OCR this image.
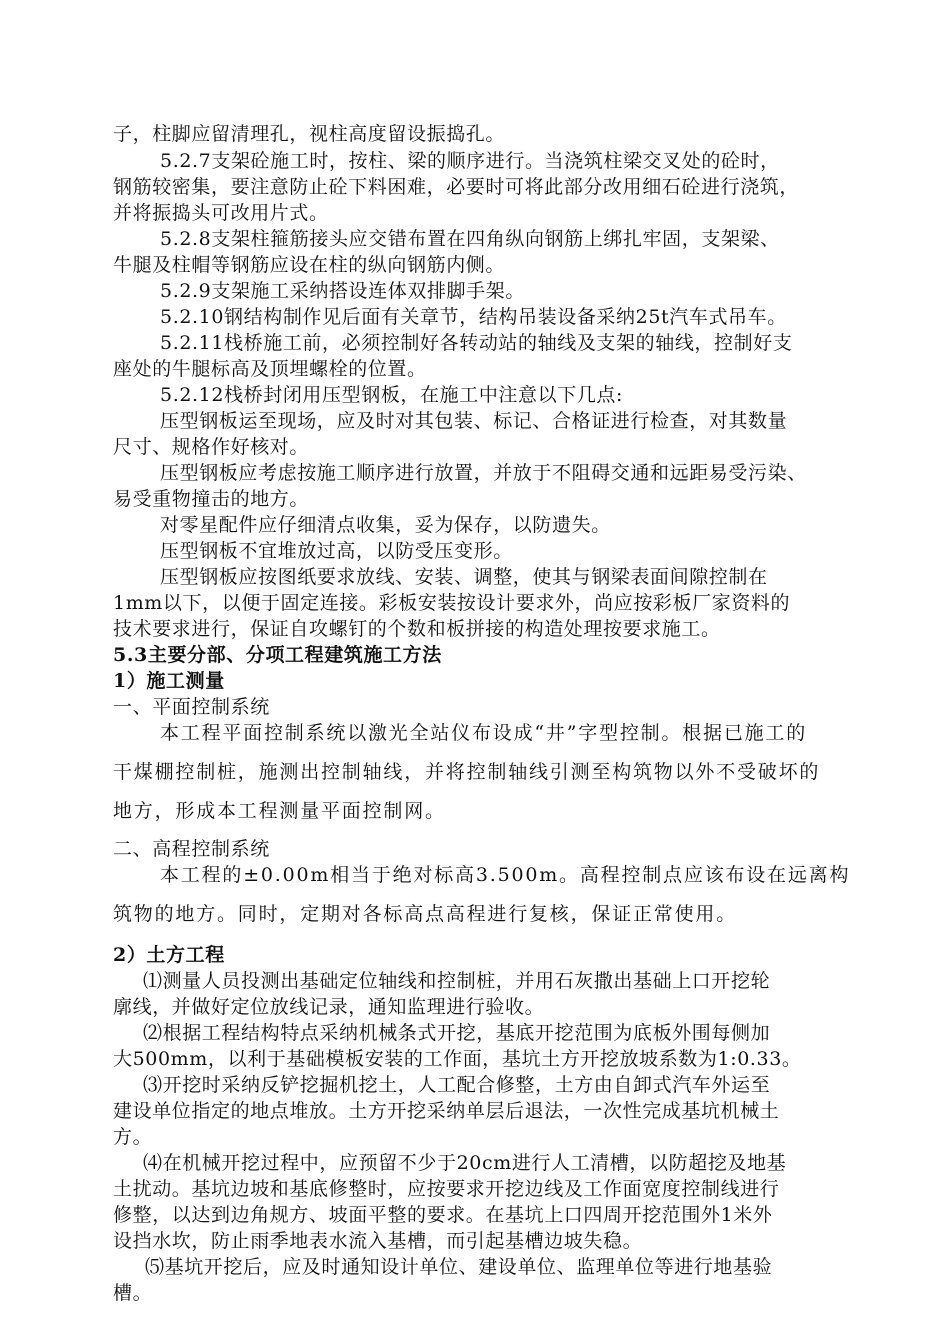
子，柱脚应留清理孔，视柱高度留设振捣孔。
5.2.7支架砼施工时，按柱、梁的顺序进行。当浇筑柱梁交叉处的砼时，
钢筋较密集，要注意防止砼下料困难，必要时可将此部分改用细石砼进行浇筑，
并将振捣头可改用片式。
5.2.8支架柱箍筋接头应交错布置在四角纵向钢筋上绑扎牢固，支架梁、
牛腿及柱帽等钢筋应设在柱的纵向钢筋内侧。
5.2.9支架施工采纳搭设连体双排脚手架。
5.2.10钢结构制作见后面有关章节，结构吊装设备采纳25t汽车式吊车。
5.2.11栈桥施工前，必须控制好各转动站的轴线及支架的轴线，控制好支
座处的牛腿标高及顶埋螺栓的位置。
5.2.12栈桥封闭用压型钢板，在施工中注意以下几点:
压型钢板运至现场，应及时对其包装、标记、合格证进行检查，对其数量
尺寸、规格作好核对。
压型钢板应考虑按施工顺序进行放置，并放于不阻碍交通和远距易受污染、
易受重物撞击的地方。
对零星配件应仔细清点收集，妥为保存，以防遗失。
压型钢板不宜堆放过高，以防受压变形。
压型钢板应按图纸要求放线、安装、调整，使其与钢梁表面间隙控制在
1mm以下，以便于固定连接。彩板安装按设计要求外，尚应按彩板厂家资料的
技术要求进行，保证自攻螺钉的个数和板拼接的构造处理按要求施工。
5.3主要分部、分项工程建筑施工方法
1）施工测量
一、平面控制系统
本工程平面控制系统以激光全站仪布设成“井”字型控制。根据已施工的
干煤棚控制桩，施测出控制轴线，并将控制轴线引测至构筑物以外不受破坏的
地方，形成本工程测量平面控制网。
二、高程控制系统
本工程的±0.00m相当于绝对标高3.500m。高程控制点应该布设在远离构
筑物的地方。同时，定期对各标高点高程进行复核，保证正常使用。
2）土方工程
⑴测量人员投测出基础定位轴线和控制桩，并用石灰撒出基础上口开挖轮
廓线，并做好定位放线记录，通知监理进行验收。
⑵根据工程结构特点采纳机械条式开挖，基底开挖范围为底板外围每侧加
大500mm，以利于基础模板安装的工作面，基坑土方开挖放坡系数为1:0.33。
⑶开挖时采纳反铲挖掘机挖土，人工配合修整，土方由自卸式汽车外运至
建设单位指定的地点堆放。土方开挖采纳单层后退法，一次性完成基坑机械土
方。
⑷在机械开挖过程中，应预留不少于20cm进行人工清槽，以防超挖及地基
土扰动。基坑边坡和基底修整时，应按要求开挖边线及工作面宽度控制线进行
修整，以达到边角规方、坡面平整的要求。在基坑上口四周开挖范围外1米外
设挡水坎，防止雨季地表水流入基槽，而引起基槽边坡失稳。
⑸基坑开挖后，应及时通知设计单位、建设单位、监理单位等进行地基验
槽。
